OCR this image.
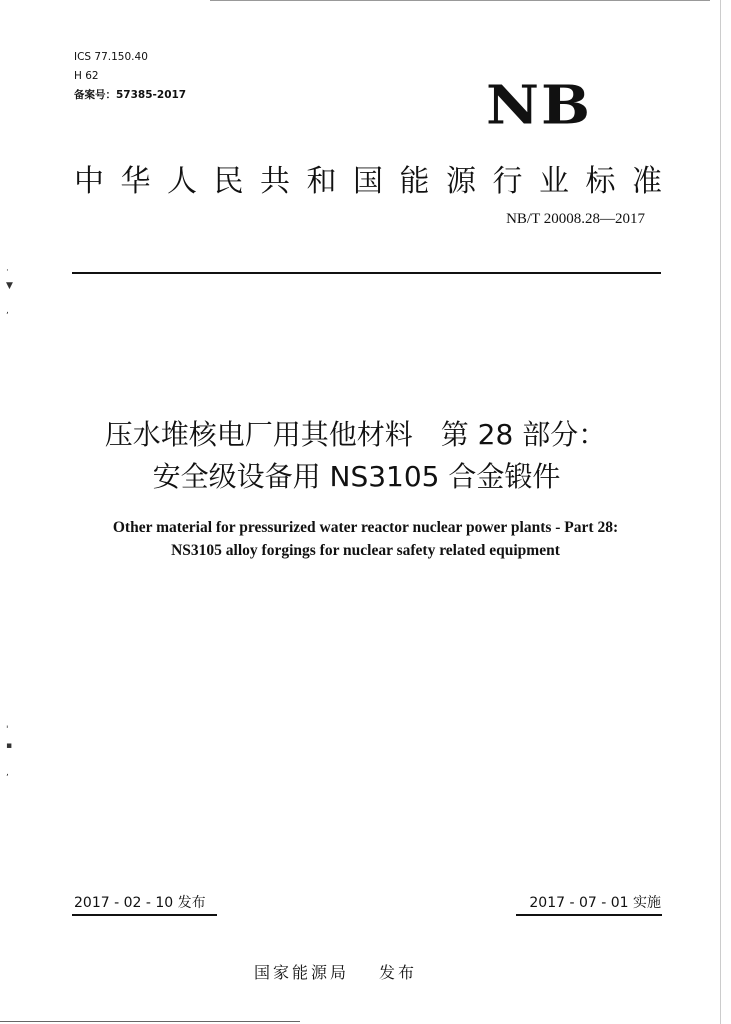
ICS 77.150.40
H 62
备案号：57385-2017	NB
中华人民共和国能源行业标准
NB/T 20008.28—2017
·
▼
,
'
▪
,
压水堆核电厂用其他材料　第 28 部分：
安全级设备用 NS3105 合金锻件
Other material for pressurized water reactor nuclear power plants - Part 28:
NS3105 alloy forgings for nuclear safety related equipment
2017 - 02 - 10 发布	2017 - 07 - 01 实施
国家能源局 发布
